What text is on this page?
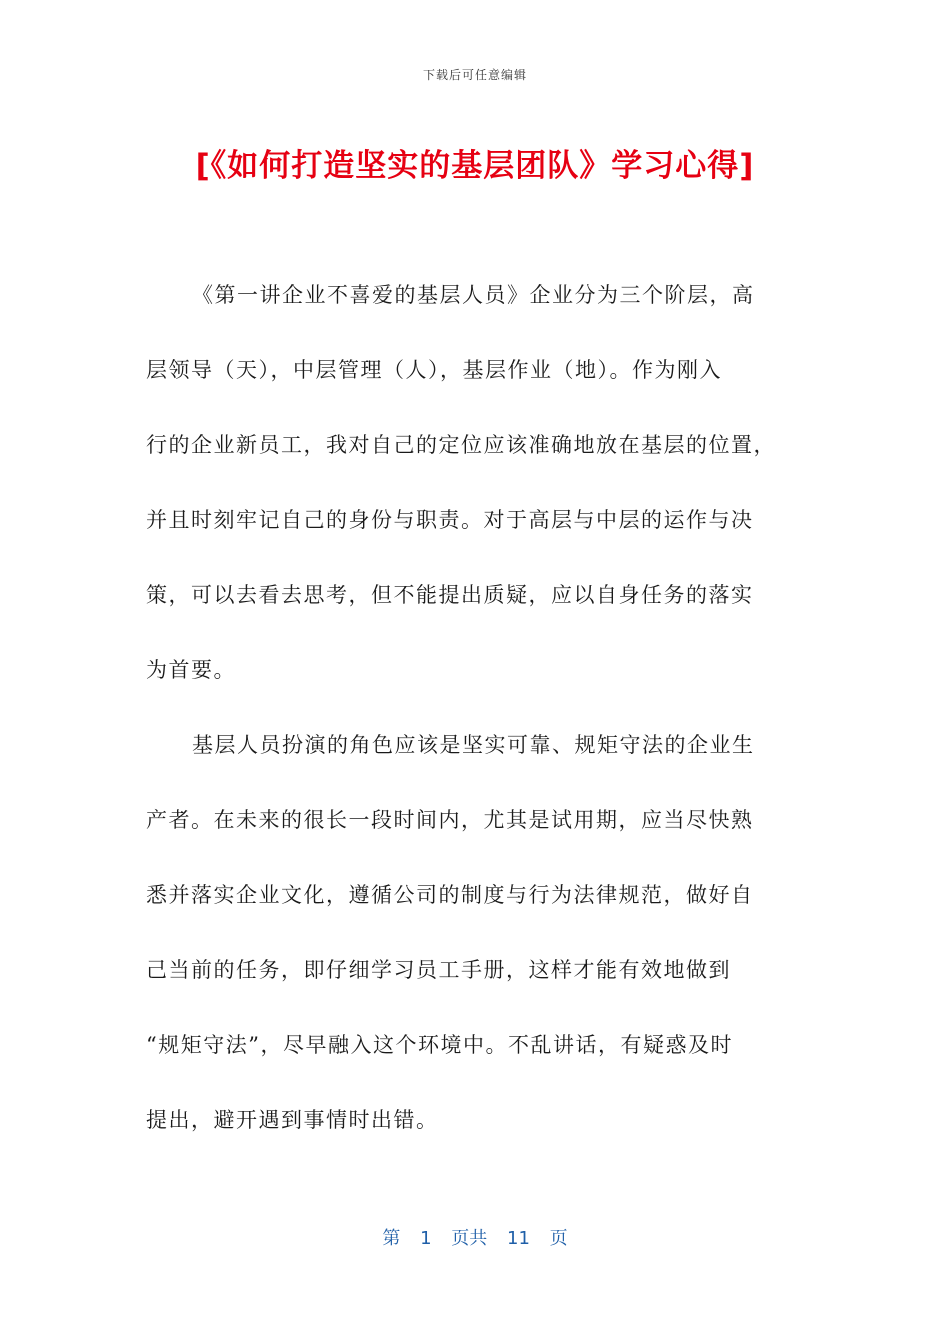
下载后可任意编辑
[《如何打造坚实的基层团队》学习心得]
《第一讲企业不喜爱的基层人员》企业分为三个阶层，高
层领导（天），中层管理（人），基层作业（地）。作为刚入
行的企业新员工，我对自己的定位应该准确地放在基层的位置，
并且时刻牢记自己的身份与职责。对于高层与中层的运作与决
策，可以去看去思考，但不能提出质疑，应以自身任务的落实
为首要。
基层人员扮演的角色应该是坚实可靠、规矩守法的企业生
产者。在未来的很长一段时间内，尤其是试用期，应当尽快熟
悉并落实企业文化，遵循公司的制度与行为法律规范，做好自
己当前的任务，即仔细学习员工手册，这样才能有效地做到
“规矩守法”，尽早融入这个环境中。不乱讲话，有疑惑及时
提出，避开遇到事情时出错。
第 1 页共 11 页
